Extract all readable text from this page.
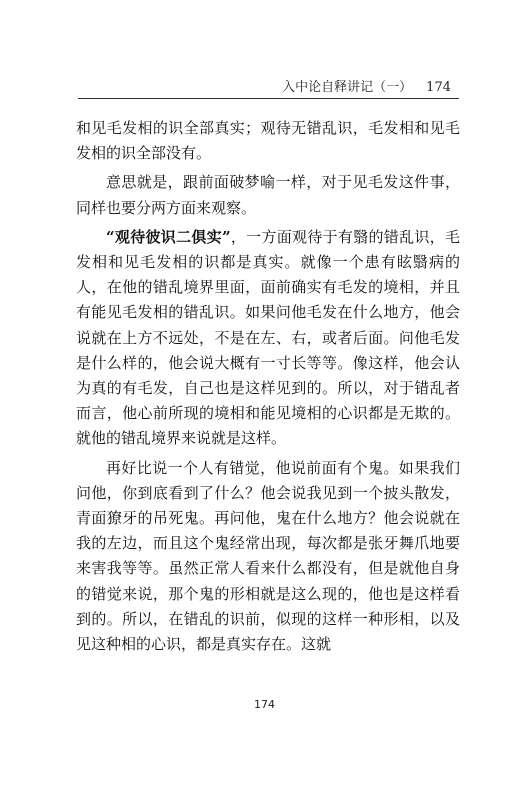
入中论自释讲记（一） 174

和见毛发相的识全部真实；观待无错乱识，毛发相和见毛发相的识全部没有。

意思就是，跟前面破梦喻一样，对于见毛发这件事，同样也要分两方面来观察。

“观待彼识二俱实”，一方面观待于有翳的错乱识，毛发相和见毛发相的识都是真实。就像一个患有眩翳病的人，在他的错乱境界里面，面前确实有毛发的境相，并且有能见毛发相的错乱识。如果问他毛发在什么地方，他会说就在上方不远处，不是在左、右，或者后面。问他毛发是什么样的，他会说大概有一寸长等等。像这样，他会认为真的有毛发，自己也是这样见到的。所以，对于错乱者而言，他心前所现的境相和能见境相的心识都是无欺的。就他的错乱境界来说就是这样。

再好比说一个人有错觉，他说前面有个鬼。如果我们问他，你到底看到了什么？他会说我见到一个披头散发，青面獠牙的吊死鬼。再问他，鬼在什么地方？他会说就在我的左边，而且这个鬼经常出现，每次都是张牙舞爪地要来害我等等。虽然正常人看来什么都没有，但是就他自身的错觉来说，那个鬼的形相就是这么现的，他也是这样看到的。所以，在错乱的识前，似现的这样一种形相，以及见这种相的心识，都是真实存在。这就

174
